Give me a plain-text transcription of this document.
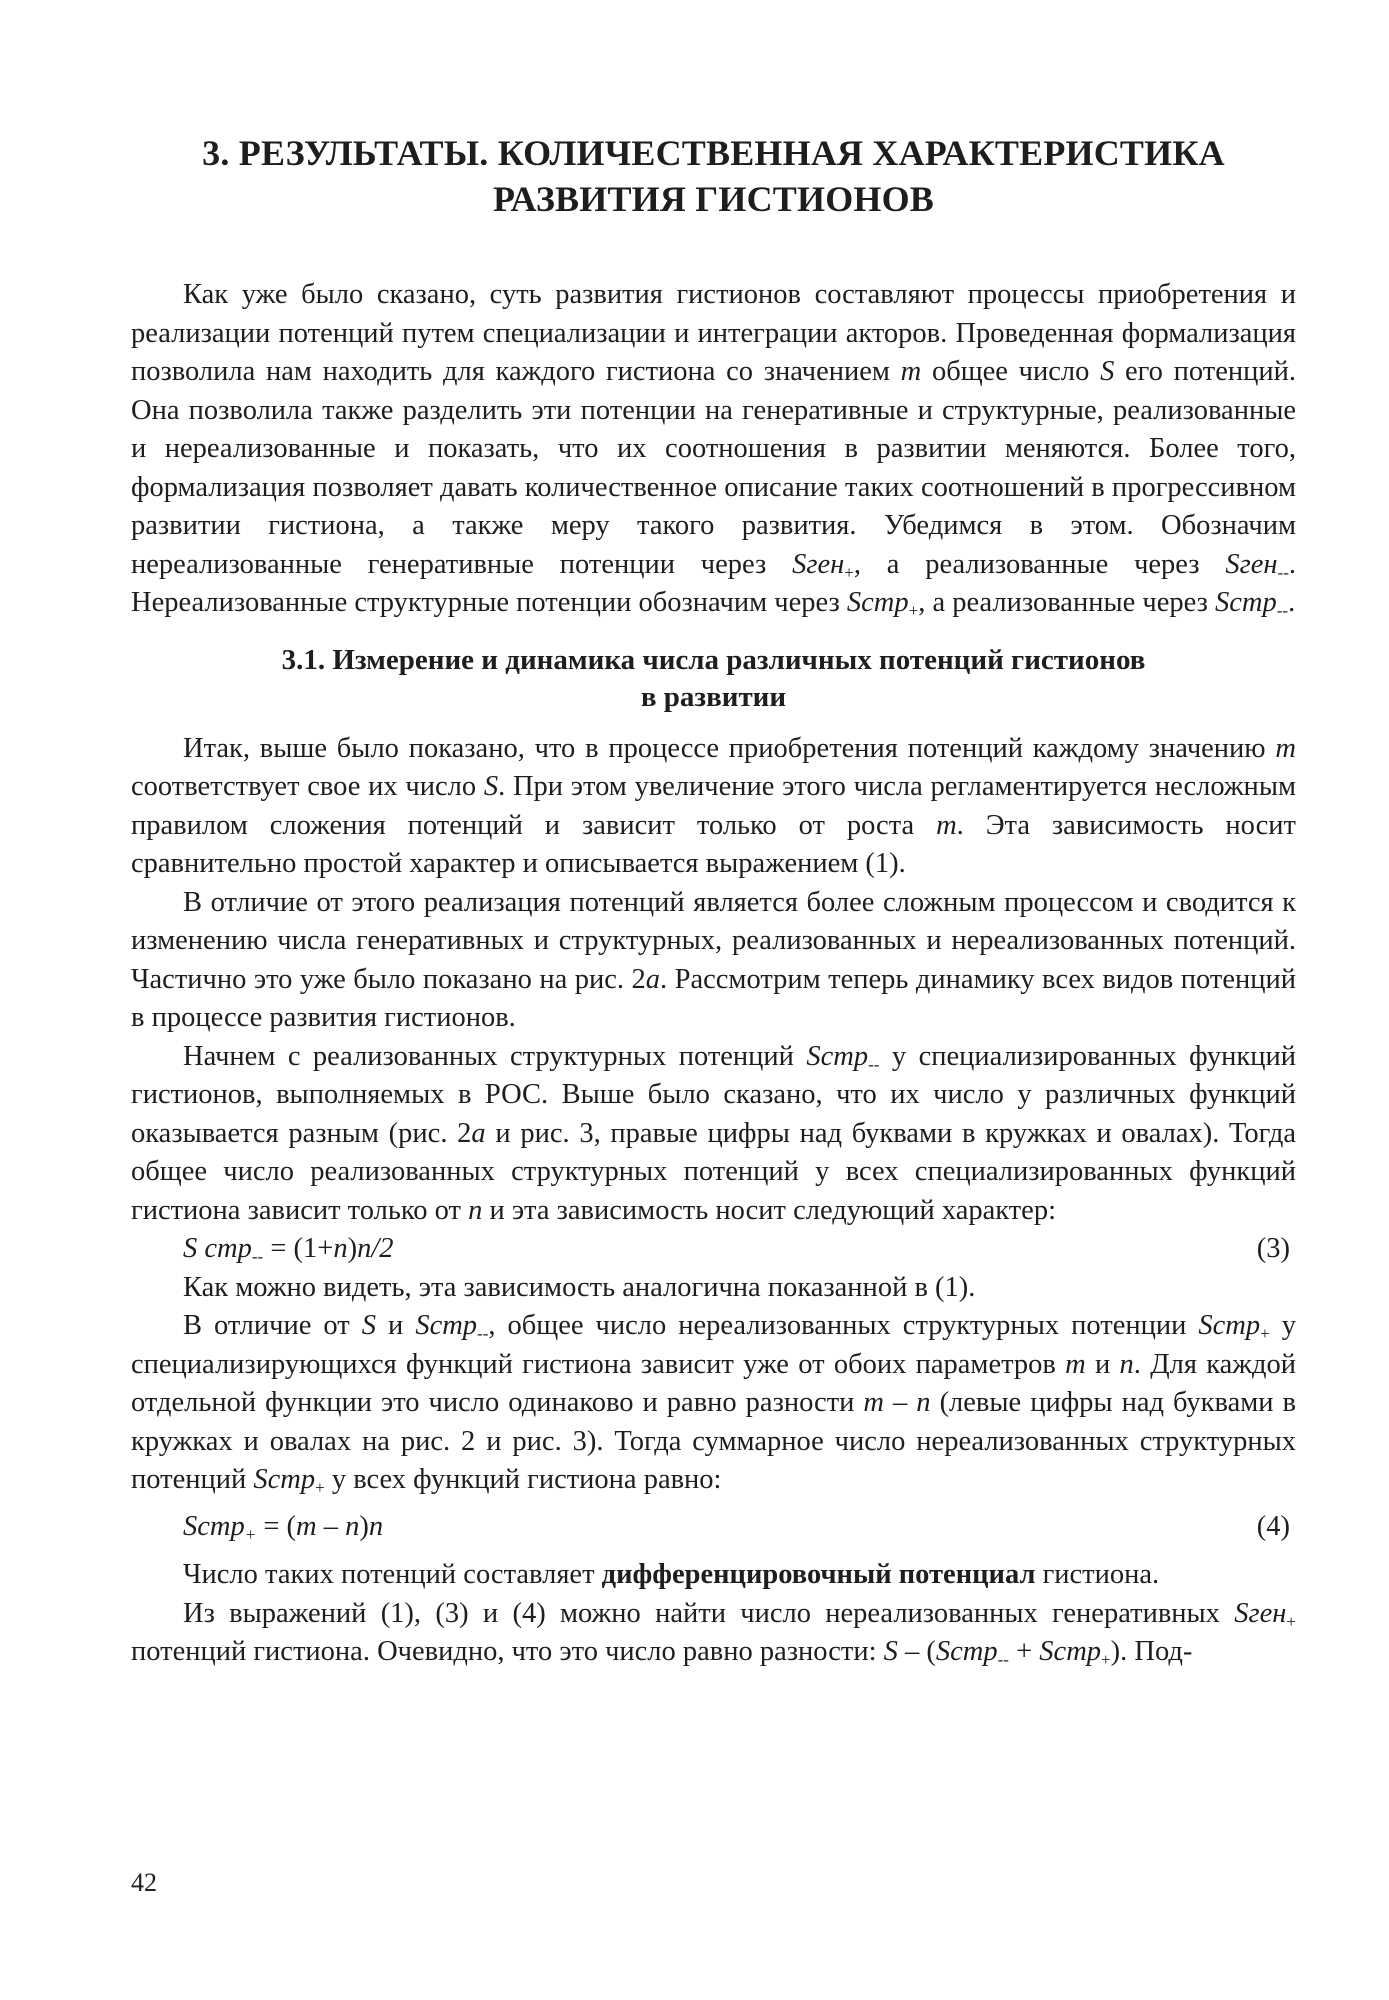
3. РЕЗУЛЬТАТЫ. КОЛИЧЕСТВЕННАЯ ХАРАКТЕРИСТИКА
РАЗВИТИЯ ГИСТИОНОВ

Как уже было сказано, суть развития гистионов составляют процессы приобретения и реализации потенций путем специализации и интеграции акторов. Проведенная формализация позволила нам находить для каждого гистиона со значением m общее число S его потенций. Она позволила также разделить эти потенции на генеративные и структурные, реализованные и нереализованные и показать, что их соотношения в развитии меняются. Более того, формализация позволяет давать количественное описание таких соотношений в прогрессивном развитии гистиона, а также меру такого развития. Убедимся в этом. Обозначим нереализованные генеративные потенции через Sген$_+$, а реализованные через Sген$_{--}$. Нереализованные структурные потенции обозначим через Sстр$_+$, а реализованные через Sстр$_{--}$.

3.1. Измерение и динамика числа различных потенций гистионов
в развитии

Итак, выше было показано, что в процессе приобретения потенций каждому значению m соответствует свое их число S. При этом увеличение этого числа регламентируется несложным правилом сложения потенций и зависит только от роста m. Эта зависимость носит сравнительно простой характер и описывается выражением (1).

В отличие от этого реализация потенций является более сложным процессом и сводится к изменению числа генеративных и структурных, реализованных и нереализованных потенций. Частично это уже было показано на рис. 2а. Рассмотрим теперь динамику всех видов потенций в процессе развития гистионов.

Начнем с реализованных структурных потенций Sстр$_{--}$ у специализированных функций гистионов, выполняемых в РОС. Выше было сказано, что их число у различных функций оказывается разным (рис. 2а и рис. 3, правые цифры над буквами в кружках и овалах). Тогда общее число реализованных структурных потенций у всех специализированных функций гистиона зависит только от n и эта зависимость носит следующий характер:

S стр$_{--}$ = (1+n)n/2	(3)

Как можно видеть, эта зависимость аналогична показанной в (1).

В отличие от S и Sстр$_{--}$, общее число нереализованных структурных потенции Sстр$_+$ у специализирующихся функций гистиона зависит уже от обоих параметров m и n. Для каждой отдельной функции это число одинаково и равно разности m – n (левые цифры над буквами в кружках и овалах на рис. 2 и рис. 3). Тогда суммарное число нереализованных структурных потенций Sстр$_+$ у всех функций гистиона равно:

Sстр$_+$ = (m – n)n	(4)

Число таких потенций составляет дифференцировочный потенциал гистиона.

Из выражений (1), (3) и (4) можно найти число нереализованных генеративных Sген$_+$ потенций гистиона. Очевидно, что это число равно разности: S – (Sстр$_{--}$ + Sстр$_+$). Под-

42
